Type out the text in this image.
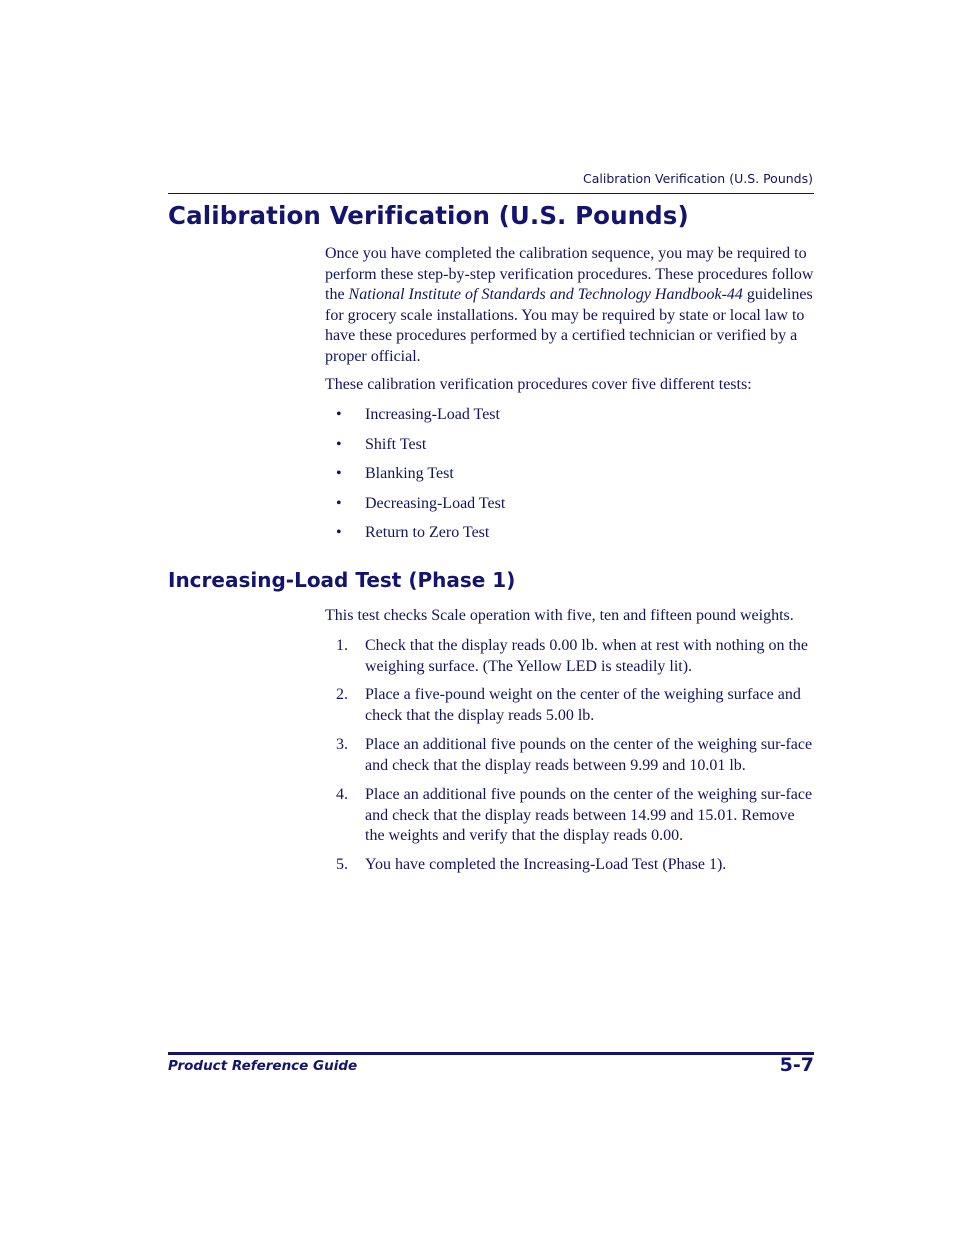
Calibration Verification (U.S. Pounds)
Calibration Verification (U.S. Pounds)

Once you have completed the calibration sequence, you may be required to perform these step-by-step verification procedures. These procedures follow the National Institute of Standards and Technology Handbook-44 guidelines for grocery scale installations. You may be required by state or local law to have these procedures performed by a certified technician or verified by a proper official.

These calibration verification procedures cover five different tests:

• Increasing-Load Test
• Shift Test
• Blanking Test
• Decreasing-Load Test
• Return to Zero Test
Increasing-Load Test (Phase 1)

This test checks Scale operation with five, ten and fifteen pound weights.

1. Check that the display reads 0.00 lb. when at rest with nothing on the weighing surface. (The Yellow LED is steadily lit).
2. Place a five-pound weight on the center of the weighing surface and check that the display reads 5.00 lb.
3. Place an additional five pounds on the center of the weighing sur-face and check that the display reads between 9.99 and 10.01 lb.
4. Place an additional five pounds on the center of the weighing sur-face and check that the display reads between 14.99 and 15.01. Remove the weights and verify that the display reads 0.00.
5. You have completed the Increasing-Load Test (Phase 1).
Product Reference Guide	5-7
